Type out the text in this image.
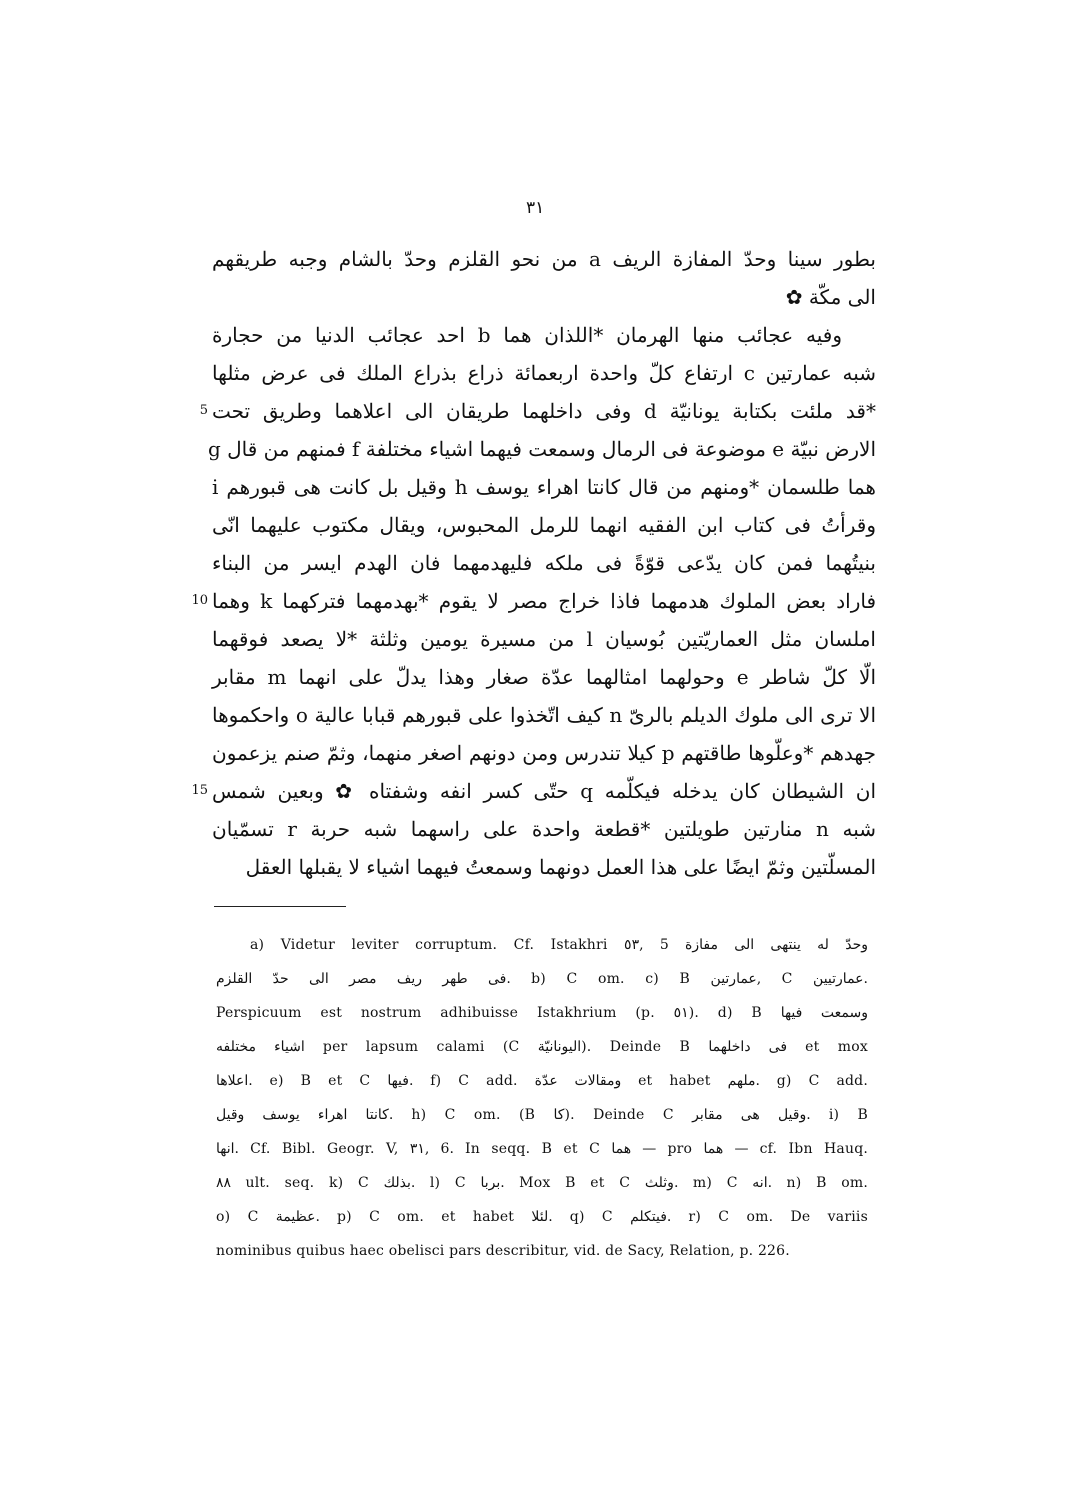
٣١
بطور سينا وحدّ المفازة الريف a من نحو القلزم وحدّ بالشام وجبه طريقهم
الى مكّة ✿
وفيه عجائب منها الهرمان *اللذان هما b احد عجائب الدنيا من حجارة
شبه عمارتين c ارتفاع كلّ واحدة اربعمائة ذراع بذراع الملك فى عرض مثلها
*قد ملئت بكتابة يونانيّة d وفى داخلهما طريقان الى اعلاهما وطريق تحت
5
الارض نبيّة e موضوعة فى الرمال وسمعت فيهما اشياء مختلفة f فمنهم من قال g
هما طلسمان *ومنهم من قال كانتا اهراء يوسف h وقيل بل كانت هى قبورهم i
وقرأتُ فى كتاب ابن الفقيه انهما للرمل المحبوس، ويقال مكتوب عليهما انّى
بنيتُهما فمن كان يدّعى قوّةً فى ملكه فليهدمهما فان الهدم ايسر من البناء
فاراد بعض الملوك هدمهما فاذا خراج مصر لا يقوم *بهدمهما فتركهما k وهما
10
املسان مثل العماريّتين بُوسيان l من مسيرة يومين وثلثة *لا يصعد فوقهما
الّا كلّ شاطر e وحولهما امثالهما عدّة صغار وهذا يدلّ على انهما m مقابر
الا ترى الى ملوك الديلم بالرىّ n كيف اتّخذوا على قبورهم قبابا عالية o واحكموها
جهدهم *وعلّوها طاقتهم p كيلا تندرس ومن دونهم اصغر منهما، وثمّ صنم يزعمون
ان الشيطان كان يدخله فيكلّمه q حتّى كسر انفه وشفتاه ✿ وبعين شمس
15
شبه n منارتين طويلتين *قطعة واحدة على راسهما شبه حربة r تسمّيان
المسلّتين وثمّ ايضًا على هذا العمل دونهما وسمعتُ فيهما اشياء لا يقبلها العقل
a) Videtur leviter corruptum. Cf. Istakhri ٥٣, 5 وحدّ له ينتهى الى مفازة
فى طهر ريف مصر الى حدّ القلزم. b) C om. c) B عمارتين, C عمارتيين.
Perspicuum est nostrum adhibuisse Istakhrium (p. ٥١). d) B وسمعت فيها
اشياء مختلفه per lapsum calami (C اليونانيّة). Deinde B فى داخلهما et mox
اعلاها. e) B et C فيها. f) C add. ومقالات عدّة et habet ملهم. g) C add.
كانتا اهراء يوسف وقيل. h) C om. (B كا). Deinde C وقيل هى مقابر. i) B
انها. Cf. Bibl. Geogr. V, ٣١, 6. In seqq. B et C هما — pro هما — cf. Ibn Hauq.
٨٨ ult. seq. k) C بذلك. l) C بربا. Mox B et C وثلث. m) C انه. n) B om.
o) C عظيمة. p) C om. et habet لئلا. q) C فيتكلم. r) C om. De variis
nominibus quibus haec obelisci pars describitur, vid. de Sacy, Relation, p. 226.
